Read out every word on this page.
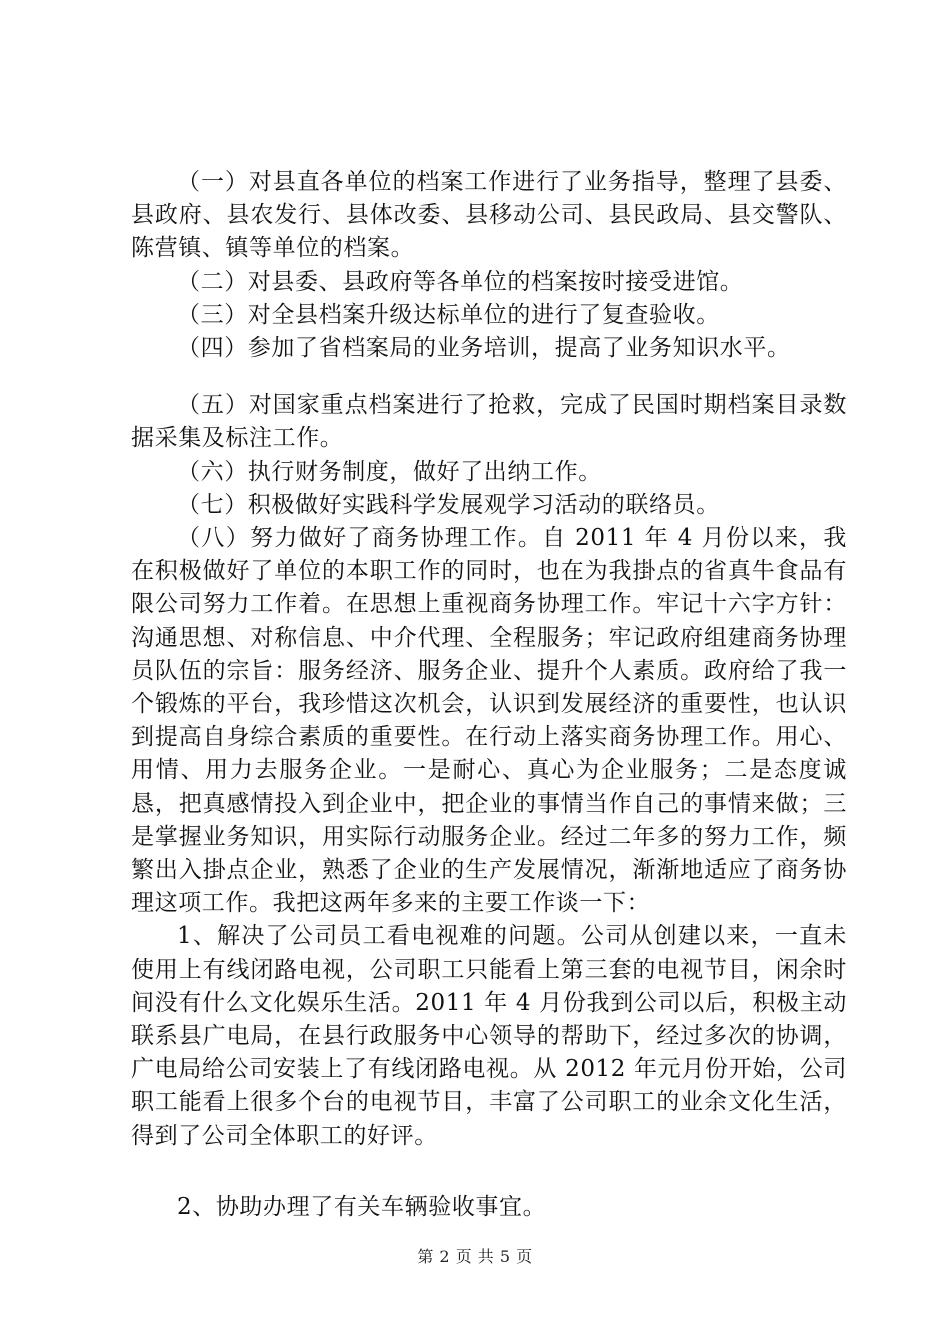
（一）对县直各单位的档案工作进行了业务指导，整理了县委、县政府、县农发行、县体改委、县移动公司、县民政局、县交警队、陈营镇、镇等单位的档案。

（二）对县委、县政府等各单位的档案按时接受进馆。

（三）对全县档案升级达标单位的进行了复查验收。

（四）参加了省档案局的业务培训，提高了业务知识水平。

（五）对国家重点档案进行了抢救，完成了民国时期档案目录数据采集及标注工作。

（六）执行财务制度，做好了出纳工作。

（七）积极做好实践科学发展观学习活动的联络员。

（八）努力做好了商务协理工作。自 2011 年 4 月份以来，我在积极做好了单位的本职工作的同时，也在为我掛点的省真牛食品有限公司努力工作着。在思想上重视商务协理工作。牢记十六字方针：沟通思想、对称信息、中介代理、全程服务；牢记政府组建商务协理员队伍的宗旨：服务经济、服务企业、提升个人素质。政府给了我一个锻炼的平台，我珍惜这次机会，认识到发展经济的重要性，也认识到提高自身综合素质的重要性。在行动上落实商务协理工作。用心、用情、用力去服务企业。一是耐心、真心为企业服务；二是态度诚恳，把真感情投入到企业中，把企业的事情当作自己的事情来做；三是掌握业务知识，用实际行动服务企业。经过二年多的努力工作，频繁出入掛点企业，熟悉了企业的生产发展情况，渐渐地适应了商务协理这项工作。我把这两年多来的主要工作谈一下：

1、解决了公司员工看电视难的问题。公司从创建以来，一直未使用上有线闭路电视，公司职工只能看上第三套的电视节目，闲余时间没有什么文化娱乐生活。2011 年 4 月份我到公司以后，积极主动联系县广电局，在县行政服务中心领导的帮助下，经过多次的协调，广电局给公司安装上了有线闭路电视。从 2012 年元月份开始，公司职工能看上很多个台的电视节目，丰富了公司职工的业余文化生活，得到了公司全体职工的好评。

2、协助办理了有关车辆验收事宜。

第 2 页 共 5 页
